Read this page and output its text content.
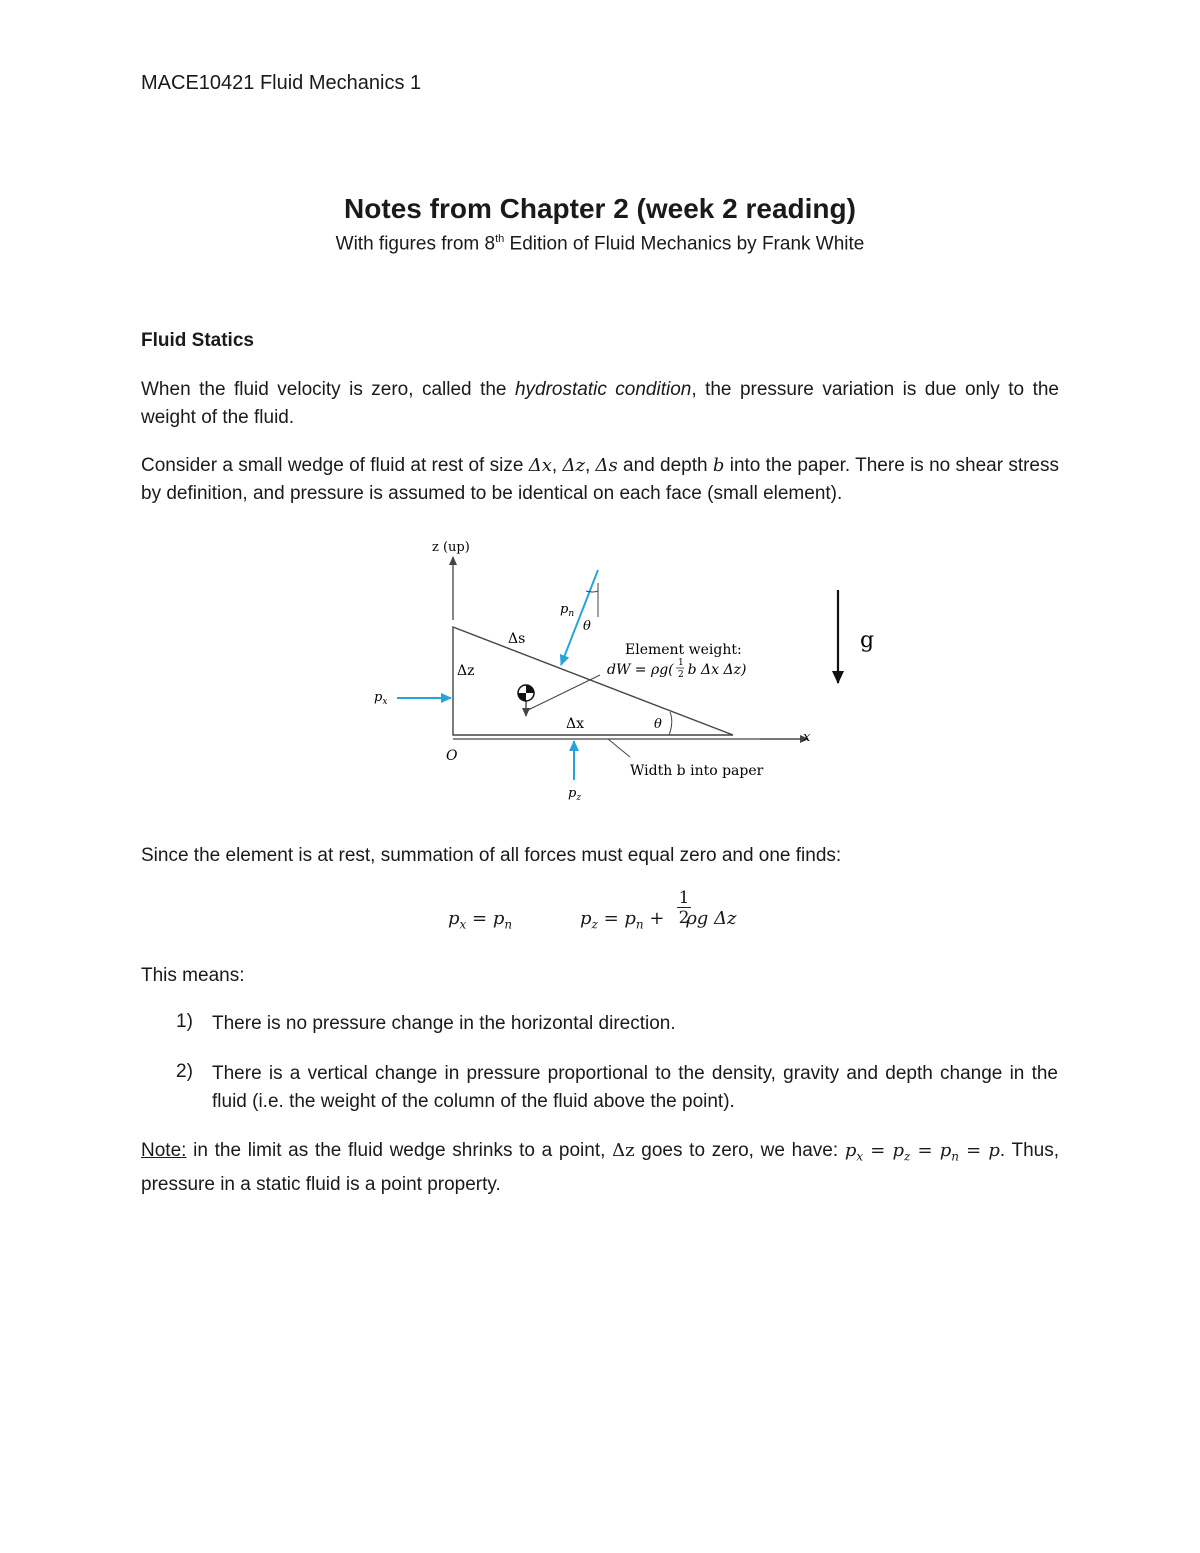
MACE10421 Fluid Mechanics 1
Notes from Chapter 2 (week 2 reading)
With figures from 8th Edition of Fluid Mechanics by Frank White
Fluid Statics
When the fluid velocity is zero, called the hydrostatic condition, the pressure variation is due only to the weight of the fluid.
Consider a small wedge of fluid at rest of size Δx, Δz, Δs and depth b into the paper. There is no shear stress by definition, and pressure is assumed to be identical on each face (small element).
z (up)
x
O
$p_n$
θ
$p_x$
$p_z$
Δs
Δz
Δx	θ
Element weight:
dW = ρg( b Δx Δz)
1
2
Width b into paper
g
Since the element is at rest, summation of all forces must equal zero and one finds:
$p_x = p_n$	$p_z = p_n + \rho g$ Δz
$\frac{1}{2}$
This means:
1) There is no pressure change in the horizontal direction.
2) There is a vertical change in pressure proportional to the density, gravity and depth change in the fluid (i.e. the weight of the column of the fluid above the point).
Note: in the limit as the fluid wedge shrinks to a point, Δz goes to zero, we have: $p_x = p_z = p_n = p$. Thus, pressure in a static fluid is a point property.
